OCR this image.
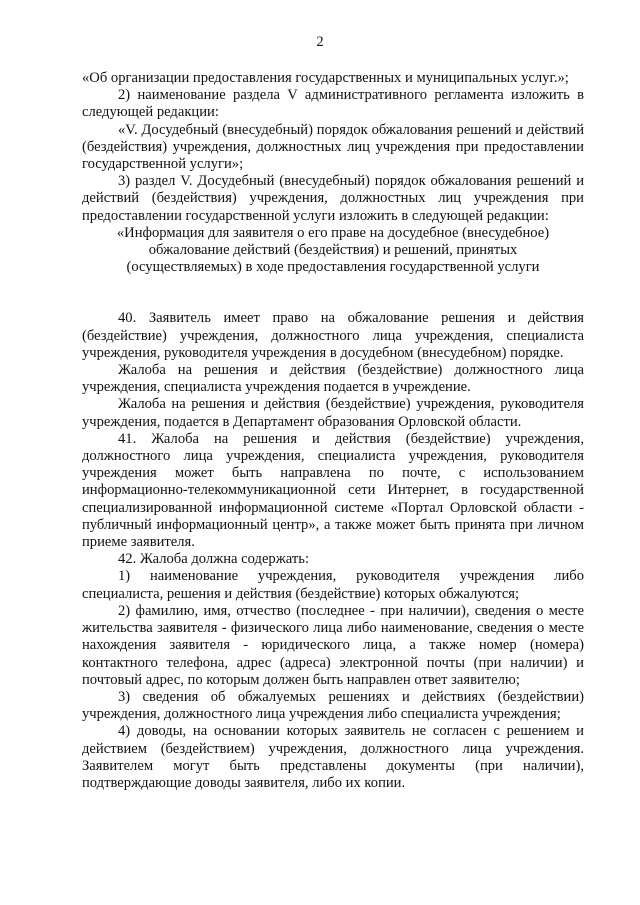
2

«Об организации предоставления государственных и муниципальных услуг.»;

2) наименование раздела V административного регламента изложить в следующей редакции:

«V. Досудебный (внесудебный) порядок обжалования решений и действий (бездействия) учреждения, должностных лиц учреждения при предоставлении государственной услуги»;

3) раздел V. Досудебный (внесудебный) порядок обжалования решений и действий (бездействия) учреждения, должностных лиц учреждения при предоставлении государственной услуги изложить в следующей редакции:

«Информация для заявителя о его праве на досудебное (внесудебное)
обжалование действий (бездействия) и решений, принятых
(осуществляемых) в ходе предоставления государственной услуги

40. Заявитель имеет право на обжалование решения и действия (бездействие) учреждения, должностного лица учреждения, специалиста учреждения, руководителя учреждения в досудебном (внесудебном) порядке.

Жалоба на решения и действия (бездействие) должностного лица учреждения, специалиста учреждения подается в учреждение.

Жалоба на решения и действия (бездействие) учреждения, руководителя учреждения, подается в Департамент образования Орловской области.

41. Жалоба на решения и действия (бездействие) учреждения, должностного лица учреждения, специалиста учреждения, руководителя учреждения может быть направлена по почте, с использованием информационно-телекоммуникационной сети Интернет, в государственной специализированной информационной системе «Портал Орловской области - публичный информационный центр», а также может быть принята при личном приеме заявителя.

42. Жалоба должна содержать:

1) наименование учреждения, руководителя учреждения либо специалиста, решения и действия (бездействие) которых обжалуются;

2) фамилию, имя, отчество (последнее - при наличии), сведения о месте жительства заявителя - физического лица либо наименование, сведения о месте нахождения заявителя - юридического лица, а также номер (номера) контактного телефона, адрес (адреса) электронной почты (при наличии) и почтовый адрес, по которым должен быть направлен ответ заявителю;

3) сведения об обжалуемых решениях и действиях (бездействии) учреждения, должностного лица учреждения либо специалиста учреждения;

4) доводы, на основании которых заявитель не согласен с решением и действием (бездействием) учреждения, должностного лица учреждения. Заявителем могут быть представлены документы (при наличии), подтверждающие доводы заявителя, либо их копии.
